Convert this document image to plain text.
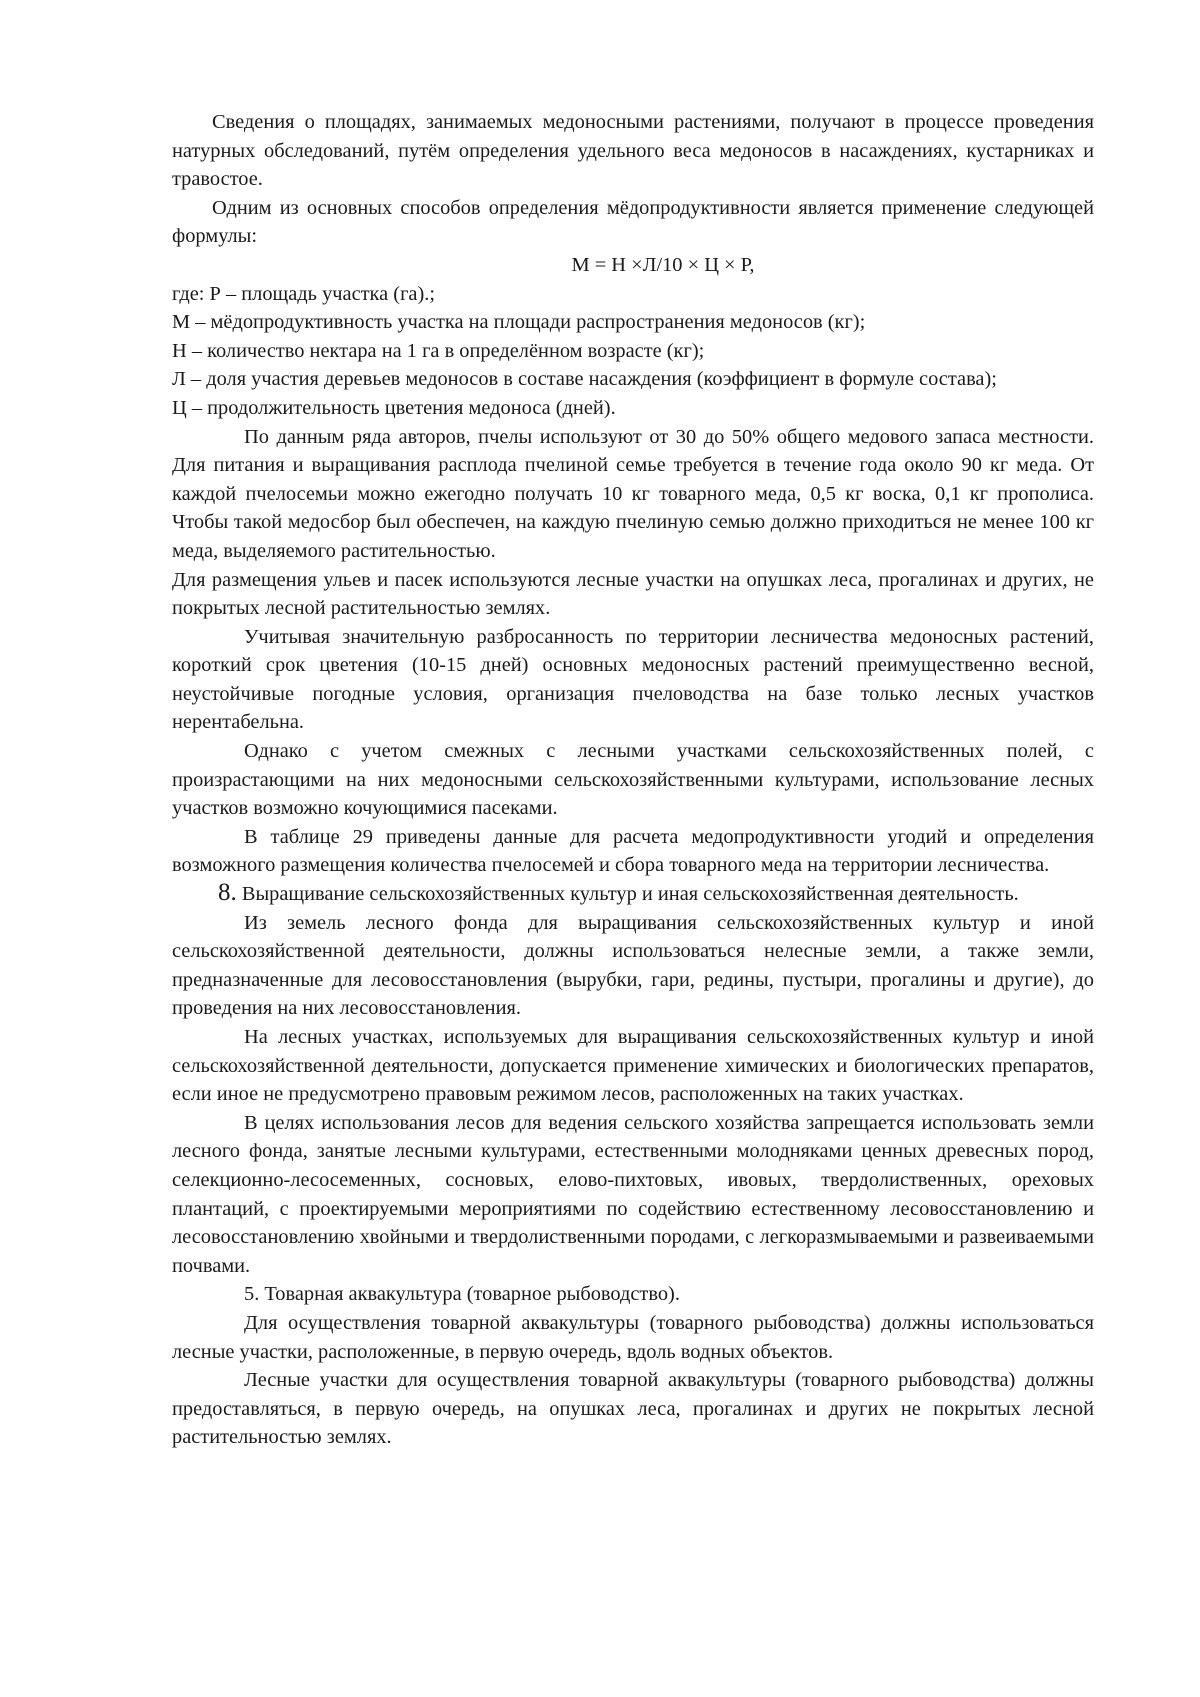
Сведения о площадях, занимаемых медоносными растениями, получают в процессе проведения натурных обследований, путём определения удельного веса медоносов в насаждениях, кустарниках и травостое.

Одним из основных способов определения мёдопродуктивности является применение следующей формулы:

М = Н ×Л/10 × Ц × Р,

где: Р – площадь участка (га).;

М – мёдопродуктивность участка на площади распространения медоносов (кг);

Н – количество нектара на 1 га в определённом возрасте (кг);

Л – доля участия деревьев медоносов в составе насаждения (коэффициент в формуле состава);

Ц – продолжительность цветения медоноса (дней).

По данным ряда авторов, пчелы используют от 30 до 50% общего медового запаса местности. Для питания и выращивания расплода пчелиной семье требуется в течение года около 90 кг меда. От каждой пчелосемьи можно ежегодно получать 10 кг товарного меда, 0,5 кг воска, 0,1 кг прополиса. Чтобы такой медосбор был обеспечен, на каждую пчелиную семью должно приходиться не менее 100 кг меда, выделяемого растительностью.

Для размещения ульев и пасек используются лесные участки на опушках леса, прогалинах и других, не покрытых лесной растительностью землях.

Учитывая значительную разбросанность по территории лесничества медоносных растений, короткий срок цветения (10-15 дней) основных медоносных растений преимущественно весной, неустойчивые погодные условия, организация пчеловодства на базе только лесных участков нерентабельна.

Однако с учетом смежных с лесными участками сельскохозяйственных полей, с произрастающими на них медоносными сельскохозяйственными культурами, использование лесных участков возможно кочующимися пасеками.

В таблице 29 приведены данные для расчета медопродуктивности угодий и определения возможного размещения количества пчелосемей и сбора товарного меда на территории лесничества.

8. Выращивание сельскохозяйственных культур и иная сельскохозяйственная деятельность.

Из земель лесного фонда для выращивания сельскохозяйственных культур и иной сельскохозяйственной деятельности, должны использоваться нелесные земли, а также земли, предназначенные для лесовосстановления (вырубки, гари, редины, пустыри, прогалины и другие), до проведения на них лесовосстановления.

На лесных участках, используемых для выращивания сельскохозяйственных культур и иной сельскохозяйственной деятельности, допускается применение химических и биологических препаратов, если иное не предусмотрено правовым режимом лесов, расположенных на таких участках.

В целях использования лесов для ведения сельского хозяйства запрещается использовать земли лесного фонда, занятые лесными культурами, естественными молодняками ценных древесных пород, селекционно-лесосеменных, сосновых, елово-пихтовых, ивовых, твердолиственных, ореховых плантаций, с проектируемыми мероприятиями по содействию естественному лесовосстановлению и лесовосстановлению хвойными и твердолиственными породами, с легкоразмываемыми и развеиваемыми почвами.

5. Товарная аквакультура (товарное рыбоводство).

Для осуществления товарной аквакультуры (товарного рыбоводства) должны использоваться лесные участки, расположенные, в первую очередь, вдоль водных объектов.

Лесные участки для осуществления товарной аквакультуры (товарного рыбоводства) должны предоставляться, в первую очередь, на опушках леса, прогалинах и других не покрытых лесной растительностью землях.
